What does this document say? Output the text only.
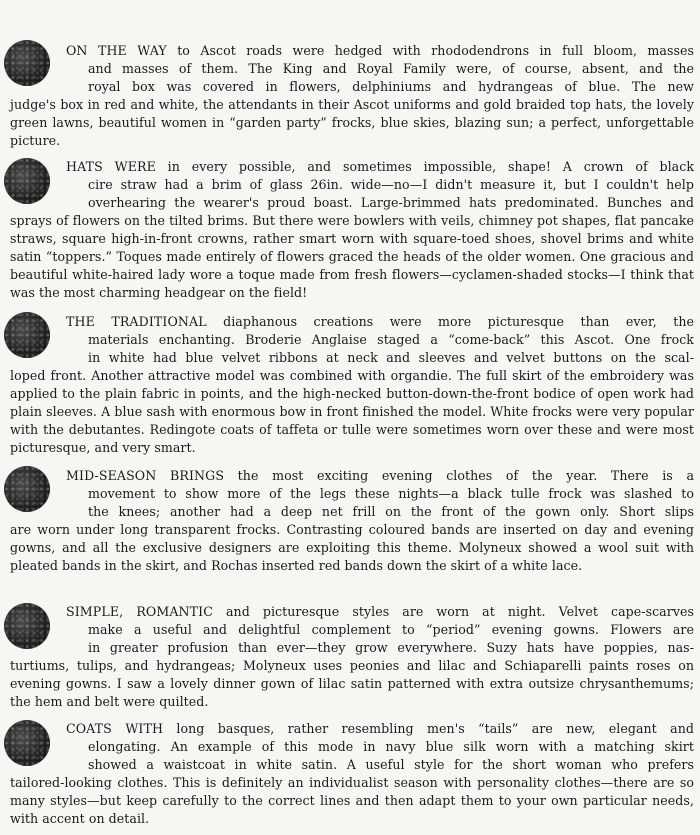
ON THE WAY to Ascot roads were hedged with rhododendrons in full bloom, masses
and masses of them. The King and Royal Family were, of course, absent, and the
royal box was covered in flowers, delphiniums and hydrangeas of blue. The new
judge's box in red and white, the attendants in their Ascot uniforms and gold braided top hats, the lovely green lawns, beautiful women in “garden party” frocks, blue skies, blazing sun; a perfect, unforgettable picture.
HATS WERE in every possible, and sometimes impossible, shape! A crown of black
cire straw had a brim of glass 26in. wide—no—I didn't measure it, but I couldn't help
overhearing the wearer's proud boast. Large-brimmed hats predominated. Bunches and
sprays of flowers on the tilted brims. But there were bowlers with veils, chimney pot shapes, flat pancake straws, square high-in-front crowns, rather smart worn with square-toed shoes, shovel brims and white satin “toppers.” Toques made entirely of flowers graced the heads of the older women. One gracious and beautiful white-haired lady wore a toque made from fresh flowers—cyclamen-shaded stocks—I think that was the most charming headgear on the field!
THE TRADITIONAL diaphanous creations were more picturesque than ever, the
materials enchanting. Broderie Anglaise staged a “come-back” this Ascot. One frock
in white had blue velvet ribbons at neck and sleeves and velvet buttons on the scal-
loped front. Another attractive model was combined with organdie. The full skirt of the embroidery was applied to the plain fabric in points, and the high-necked button-down-the-front bodice of open work had plain sleeves. A blue sash with enormous bow in front finished the model. White frocks were very popular with the debutantes. Redingote coats of taffeta or tulle were sometimes worn over these and were most picturesque, and very smart.
MID-SEASON BRINGS the most exciting evening clothes of the year. There is a
movement to show more of the legs these nights—a black tulle frock was slashed to
the knees; another had a deep net frill on the front of the gown only. Short slips
are worn under long transparent frocks. Contrasting coloured bands are inserted on day and evening gowns, and all the exclusive designers are exploiting this theme. Molyneux showed a wool suit with pleated bands in the skirt, and Rochas inserted red bands down the skirt of a white lace.
SIMPLE, ROMANTIC and picturesque styles are worn at night. Velvet cape-scarves
make a useful and delightful complement to “period” evening gowns. Flowers are
in greater profusion than ever—they grow everywhere. Suzy hats have poppies, nas-
turtiums, tulips, and hydrangeas; Molyneux uses peonies and lilac and Schiaparelli paints roses on evening gowns. I saw a lovely dinner gown of lilac satin patterned with extra outsize chrysanthemums; the hem and belt were quilted.
COATS WITH long basques, rather resembling men's “tails” are new, elegant and
elongating. An example of this mode in navy blue silk worn with a matching skirt
showed a waistcoat in white satin. A useful style for the short woman who prefers
tailored-looking clothes. This is definitely an individualist season with personality clothes—there are so many styles—but keep carefully to the correct lines and then adapt them to your own particular needs, with accent on detail.
